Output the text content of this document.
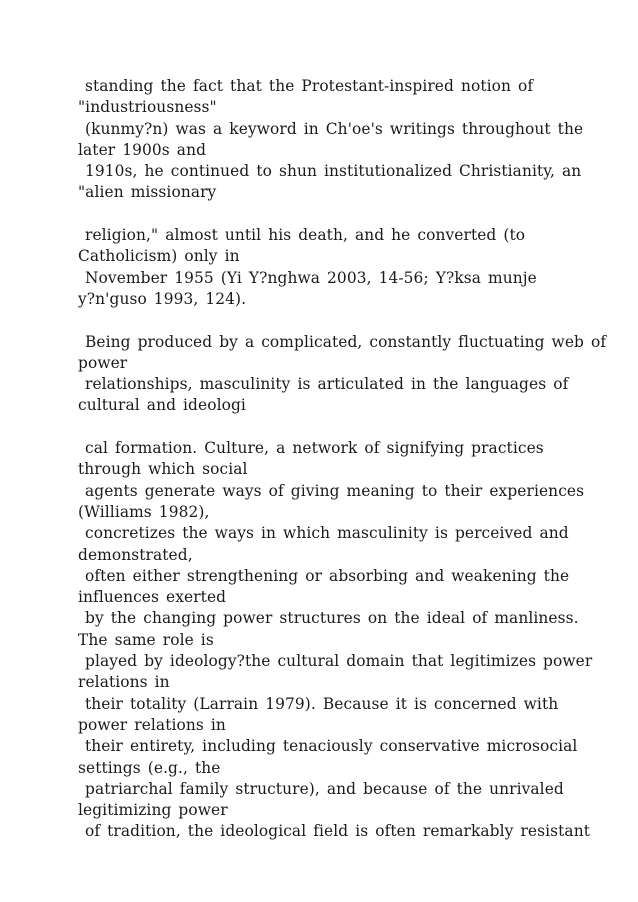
standing the fact that the Protestant-inspired notion of
"industriousness"
(kunmy?n) was a keyword in Ch'oe's writings throughout the
later 1900s and
1910s, he continued to shun institutionalized Christianity, an
"alien missionary
religion," almost until his death, and he converted (to
Catholicism) only in
November 1955 (Yi Y?nghwa 2003, 14-56; Y?ksa munje
y?n'guso 1993, 124).
Being produced by a complicated, constantly fluctuating web of
power
relationships, masculinity is articulated in the languages of
cultural and ideologi
cal formation. Culture, a network of signifying practices
through which social
agents generate ways of giving meaning to their experiences
(Williams 1982),
concretizes the ways in which masculinity is perceived and
demonstrated,
often either strengthening or absorbing and weakening the
influences exerted
by the changing power structures on the ideal of manliness.
The same role is
played by ideology?the cultural domain that legitimizes power
relations in
their totality (Larrain 1979). Because it is concerned with
power relations in
their entirety, including tenaciously conservative microsocial
settings (e.g., the
patriarchal family structure), and because of the unrivaled
legitimizing power
of tradition, the ideological field is often remarkably resistant
